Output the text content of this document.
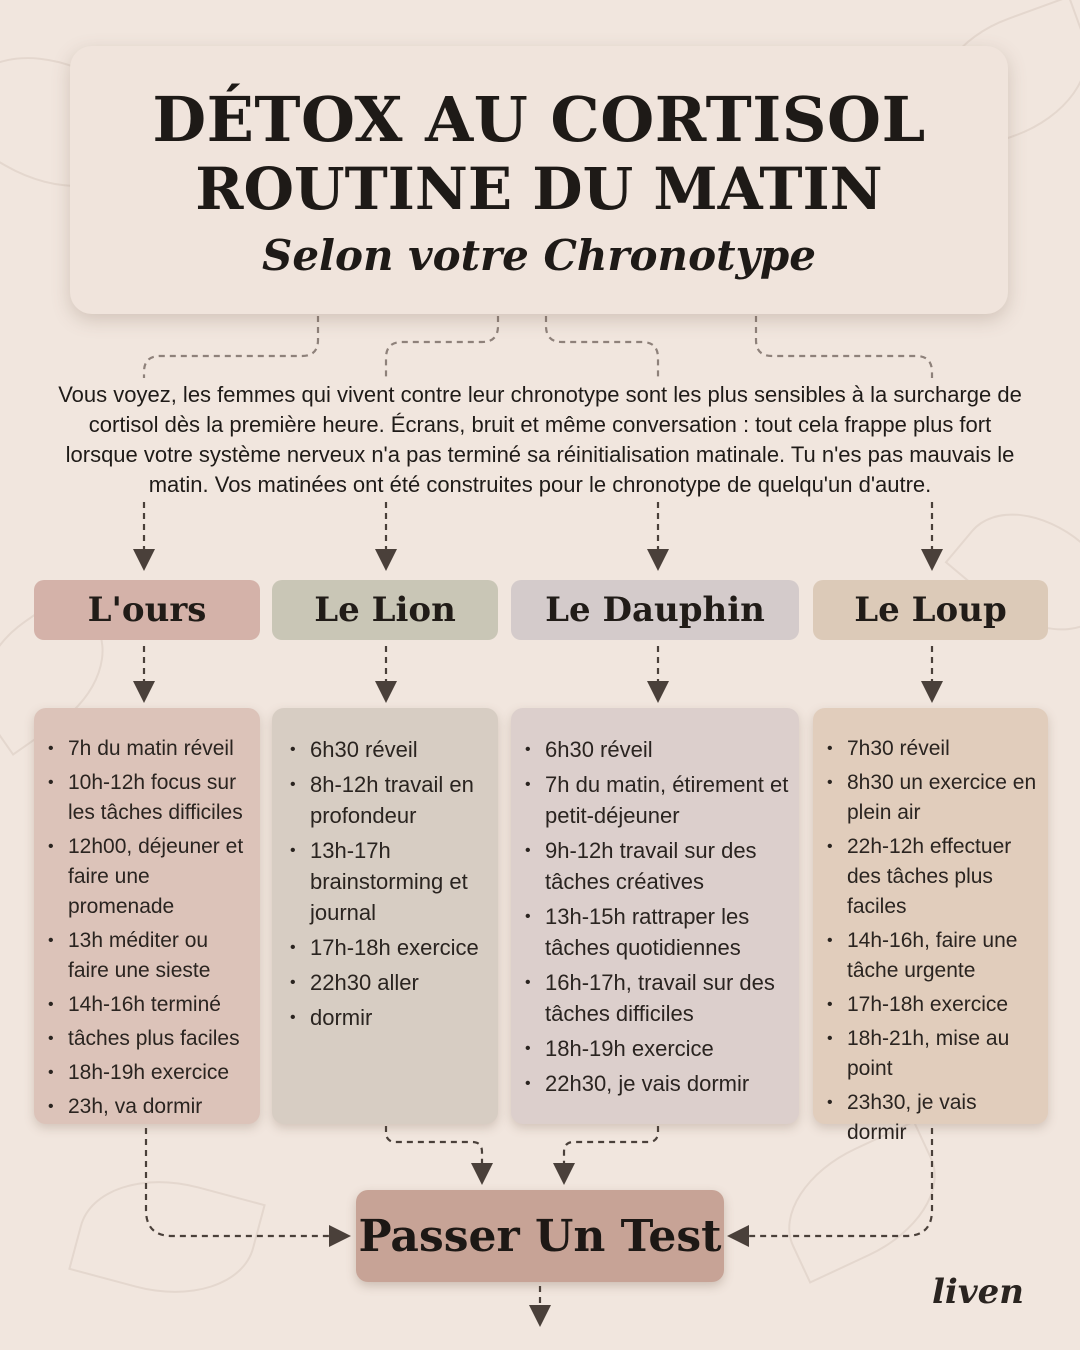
DÉTOX AU CORTISOL
ROUTINE DU MATIN
Selon votre Chronotype
Vous voyez, les femmes qui vivent contre leur chronotype sont les plus sensibles à la surcharge de cortisol dès la première heure. Écrans, bruit et même conversation : tout cela frappe plus fort lorsque votre système nerveux n'a pas terminé sa réinitialisation matinale. Tu n'es pas mauvais le matin. Vos matinées ont été construites pour le chronotype de quelqu'un d'autre.
L'ours	Le Lion	Le Dauphin	Le Loup
• 7h du matin réveil
• 10h-12h focus sur les tâches difficiles
• 12h00, déjeuner et faire une promenade
• 13h méditer ou faire une sieste
• 14h-16h terminé
• tâches plus faciles
• 18h-19h exercice
• 23h, va dormir
• 6h30 réveil
• 8h-12h travail en profondeur
• 13h-17h brainstorming et journal
• 17h-18h exercice
• 22h30 aller
• dormir
• 6h30 réveil
• 7h du matin, étirement et petit-déjeuner
• 9h-12h travail sur des tâches créatives
• 13h-15h rattraper les tâches quotidiennes
• 16h-17h, travail sur des tâches difficiles
• 18h-19h exercice
• 22h30, je vais dormir
• 7h30 réveil
• 8h30 un exercice en plein air
• 22h-12h effectuer des tâches plus faciles
• 14h-16h, faire une tâche urgente
• 17h-18h exercice
• 18h-21h, mise au point
• 23h30, je vais dormir
Passer Un Test
liven
